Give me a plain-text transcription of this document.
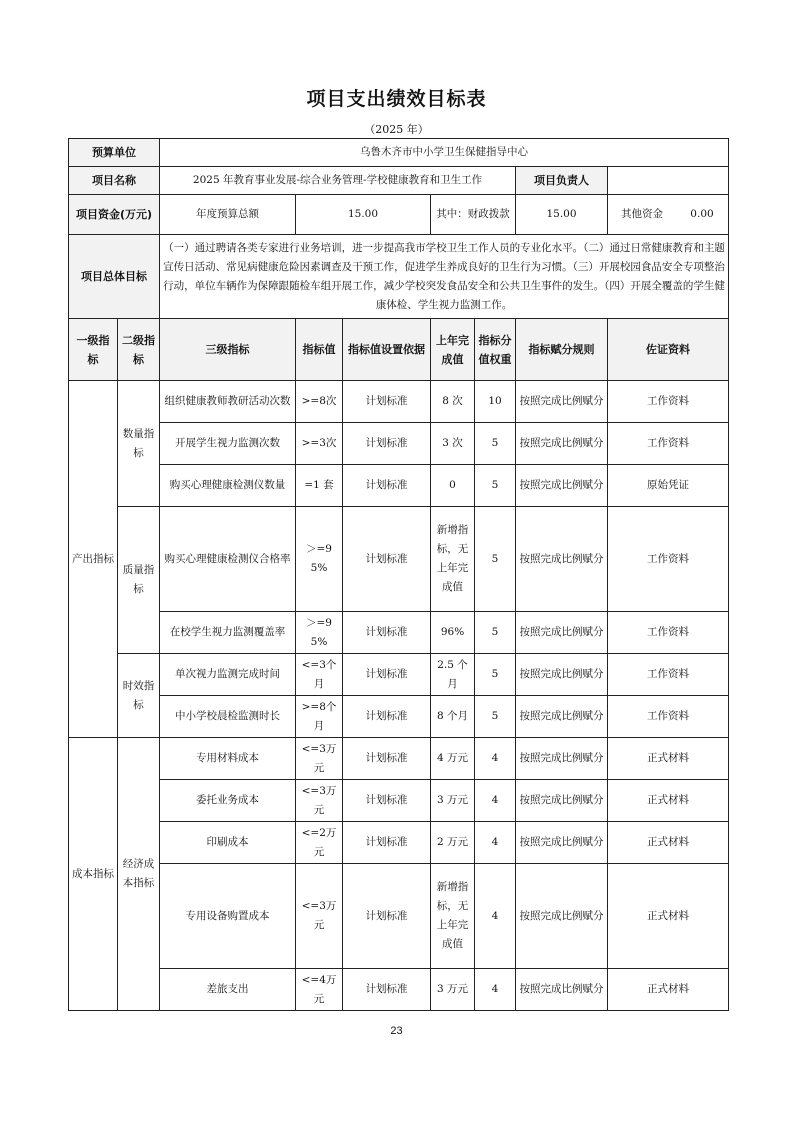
项目支出绩效目标表
（2025 年）
预算单位		乌鲁木齐市中小学卫生保健指导中心						
项目名称		2025 年教育事业发展-综合业务管理-学校健康教育和卫生工作					项目负责人	
项目资金(万元)		年度预算总额	15.00		其中：财政拨款		15.00	其他资金 0.00

项目总体目标		（一）通过聘请各类专家进行业务培训，进一步提高我市学校卫生工作人员的专业化水平。（二）通过日常健康教育和主题宣传日活动、常见病健康危险因素调查及干预工作，促进学生养成良好的卫生行为习惯。（三）开展校园食品安全专项整治行动，单位车辆作为保障跟随检车组开展工作，减少学校突发食品安全和公共卫生事件的发生。（四）开展全覆盖的学生健康体检、学生视力监测工作。						
一级指标	二级指标	三级指标	指标值	指标值设置依据	上年完成值	指标分值权重	指标赋分规则	佐证资料
产出指标	数量指标	组织健康教师教研活动次数	>=8次	计划标准	8 次	10	按照完成比例赋分	工作资料
		开展学生视力监测次数	>=3次	计划标准	3 次	5	按照完成比例赋分	工作资料
		购买心理健康检测仪数量	=1 套	计划标准	0	5	按照完成比例赋分	原始凭证
	质量指标	购买心理健康检测仪合格率	＞=95%	计划标准	新增指标，无上年完成值	5	按照完成比例赋分	工作资料
		在校学生视力监测覆盖率	＞=95%	计划标准	96%	5	按照完成比例赋分	工作资料
	时效指标	单次视力监测完成时间	<=3个月	计划标准	2.5 个月	5	按照完成比例赋分	工作资料
		中小学校晨检监测时长	>=8个月	计划标准	8 个月	5	按照完成比例赋分	工作资料
成本指标	经济成本指标	专用材料成本	<=3万元	计划标准	4 万元	4	按照完成比例赋分	正式材料
		委托业务成本	<=3万元	计划标准	3 万元	4	按照完成比例赋分	正式材料
		印刷成本	<=2万元	计划标准	2 万元	4	按照完成比例赋分	正式材料
		专用设备购置成本	<=3万元	计划标准	新增指标，无上年完成值	4	按照完成比例赋分	正式材料
		差旅支出	<=4万元	计划标准	3 万元	4	按照完成比例赋分	正式材料
23
